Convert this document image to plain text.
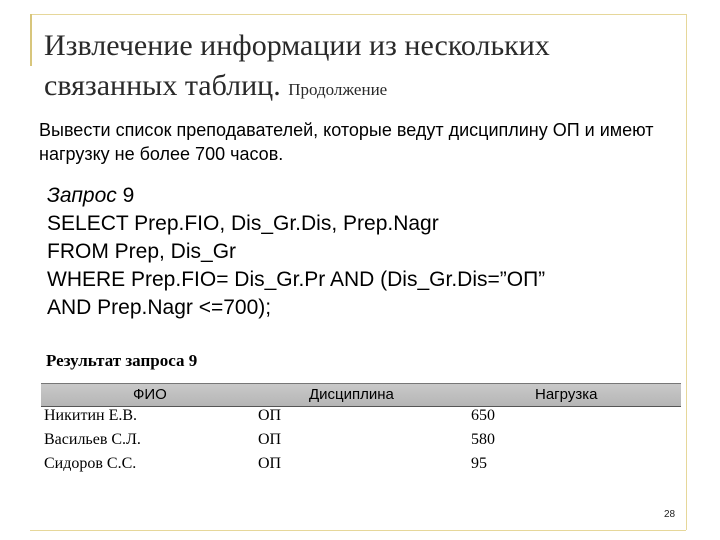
Извлечение информации из нескольких связанных таблиц. Продолжение
Вывести список преподавателей, которые ведут дисциплину ОП и имеют нагрузку не более 700 часов.
Запрос 9
SELECT Prep.FIO, Dis_Gr.Dis, Prep.Nagr
FROM Prep, Dis_Gr
WHERE Prep.FIO= Dis_Gr.Pr AND (Dis_Gr.Dis=”ОП”
AND Prep.Nagr <=700);
Результат запроса 9
ФИО	Дисциплина	Нагрузка
Никитин Е.В.	ОП	650
Васильев С.Л.	ОП	580
Сидоров С.С.	ОП	95
28
